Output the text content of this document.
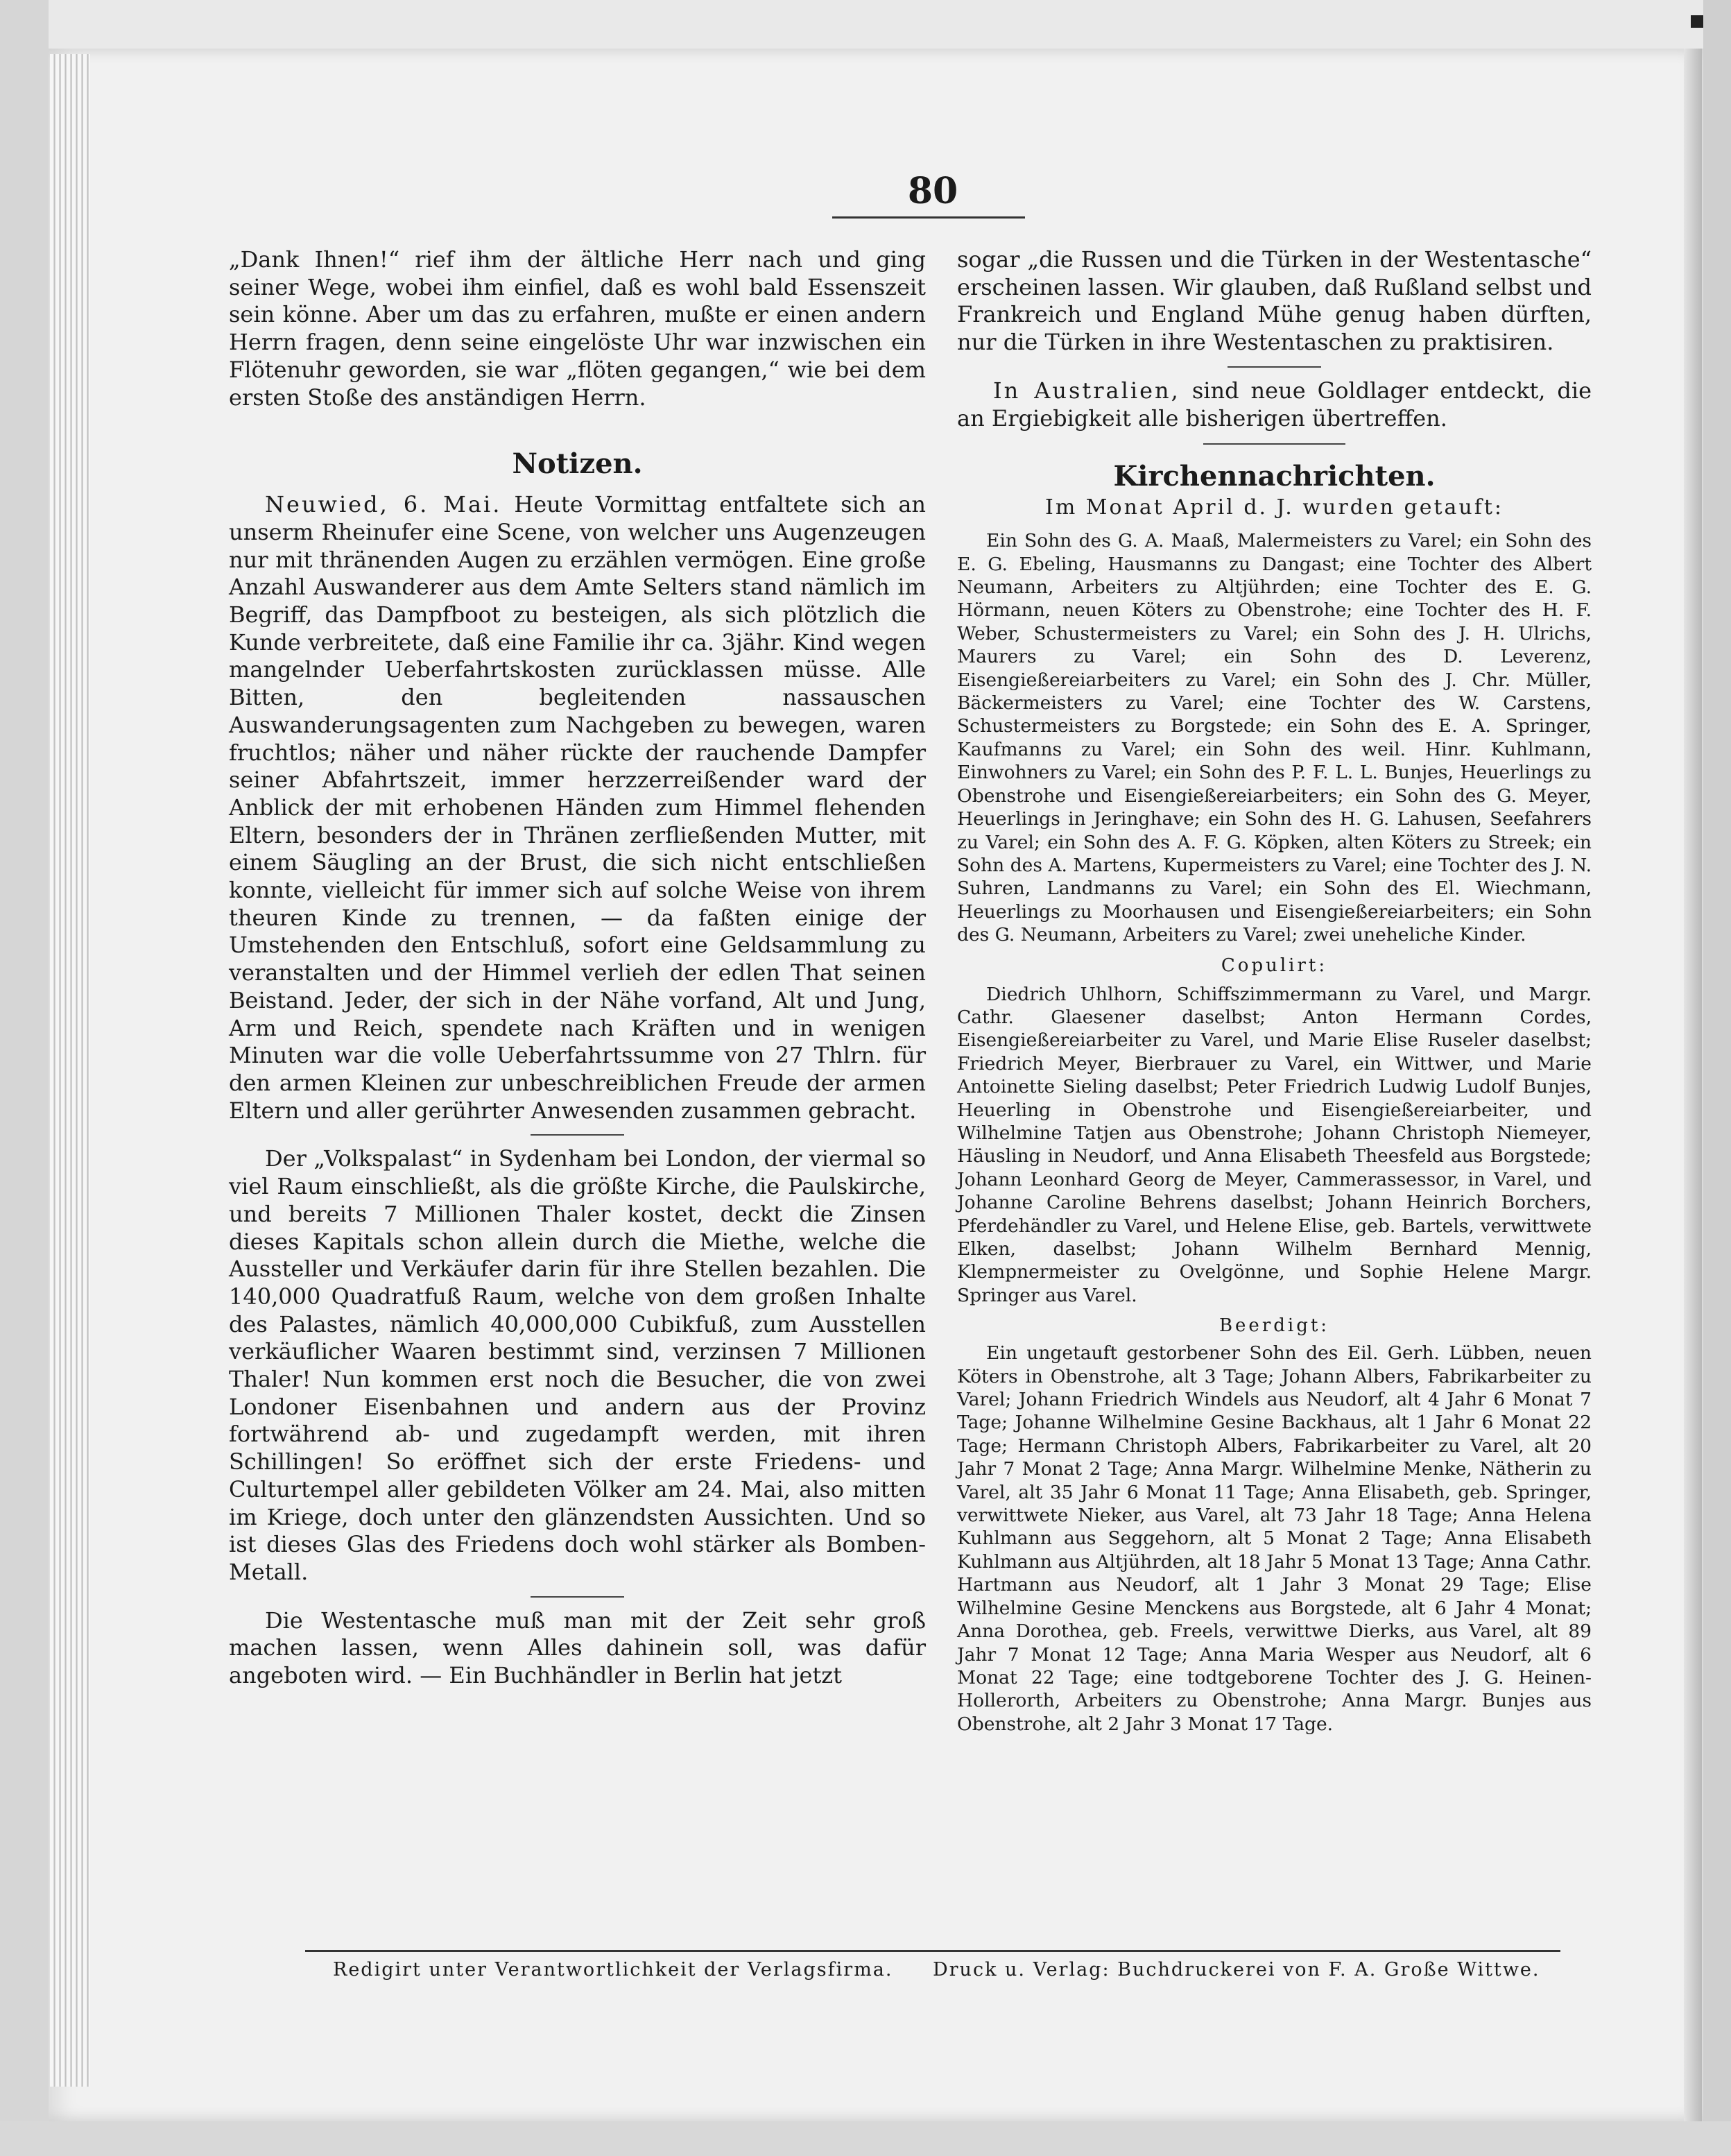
80

„Dank Ihnen!“ rief ihm der ältliche Herr nach und ging seiner Wege, wobei ihm einfiel, daß es wohl bald Essenszeit sein könne. Aber um das zu erfahren, mußte er einen andern Herrn fragen, denn seine eingelöste Uhr war inzwischen ein Flötenuhr geworden, sie war „flöten gegangen,“ wie bei dem ersten Stoße des anständigen Herrn.

Notizen.

Neuwied, 6. Mai. Heute Vormittag entfaltete sich an unserm Rheinufer eine Scene, von welcher uns Augenzeugen nur mit thränenden Augen zu erzählen vermögen. Eine große Anzahl Auswanderer aus dem Amte Selters stand nämlich im Begriff, das Dampfboot zu besteigen, als sich plötzlich die Kunde verbreitete, daß eine Familie ihr ca. 3jähr. Kind wegen mangelnder Ueberfahrtskosten zurücklassen müsse. Alle Bitten, den begleitenden nassauschen Auswanderungsagenten zum Nachgeben zu bewegen, waren fruchtlos; näher und näher rückte der rauchende Dampfer seiner Abfahrtszeit, immer herzzerreißender ward der Anblick der mit erhobenen Händen zum Himmel flehenden Eltern, besonders der in Thränen zerfließenden Mutter, mit einem Säugling an der Brust, die sich nicht entschließen konnte, vielleicht für immer sich auf solche Weise von ihrem theuren Kinde zu trennen, — da faßten einige der Umstehenden den Entschluß, sofort eine Geldsammlung zu veranstalten und der Himmel verlieh der edlen That seinen Beistand. Jeder, der sich in der Nähe vorfand, Alt und Jung, Arm und Reich, spendete nach Kräften und in wenigen Minuten war die volle Ueberfahrtssumme von 27 Thlrn. für den armen Kleinen zur unbeschreiblichen Freude der armen Eltern und aller gerührter Anwesenden zusammen gebracht.

Der „Volkspalast“ in Sydenham bei London, der viermal so viel Raum einschließt, als die größte Kirche, die Paulskirche, und bereits 7 Millionen Thaler kostet, deckt die Zinsen dieses Kapitals schon allein durch die Miethe, welche die Aussteller und Verkäufer darin für ihre Stellen bezahlen. Die 140,000 Quadratfuß Raum, welche von dem großen Inhalte des Palastes, nämlich 40,000,000 Cubikfuß, zum Ausstellen verkäuflicher Waaren bestimmt sind, verzinsen 7 Millionen Thaler! Nun kommen erst noch die Besucher, die von zwei Londoner Eisenbahnen und andern aus der Provinz fortwährend ab- und zugedampft werden, mit ihren Schillingen! So eröffnet sich der erste Friedens- und Culturtempel aller gebildeten Völker am 24. Mai, also mitten im Kriege, doch unter den glänzendsten Aussichten. Und so ist dieses Glas des Friedens doch wohl stärker als Bomben-Metall.

Die Westentasche muß man mit der Zeit sehr groß machen lassen, wenn Alles dahinein soll, was dafür angeboten wird. — Ein Buchhändler in Berlin hat jetzt

sogar „die Russen und die Türken in der Westentasche“ erscheinen lassen. Wir glauben, daß Rußland selbst und Frankreich und England Mühe genug haben dürften, nur die Türken in ihre Westentaschen zu praktisiren.

In Australien, sind neue Goldlager entdeckt, die an Ergiebigkeit alle bisherigen übertreffen.

Kirchennachrichten.

Im Monat April d. J. wurden getauft:

Ein Sohn des G. A. Maaß, Malermeisters zu Varel; ein Sohn des E. G. Ebeling, Hausmanns zu Dangast; eine Tochter des Albert Neumann, Arbeiters zu Altjührden; eine Tochter des E. G. Hörmann, neuen Köters zu Obenstrohe; eine Tochter des H. F. Weber, Schustermeisters zu Varel; ein Sohn des J. H. Ulrichs, Maurers zu Varel; ein Sohn des D. Leverenz, Eisengießereiarbeiters zu Varel; ein Sohn des J. Chr. Müller, Bäckermeisters zu Varel; eine Tochter des W. Carstens, Schustermeisters zu Borgstede; ein Sohn des E. A. Springer, Kaufmanns zu Varel; ein Sohn des weil. Hinr. Kuhlmann, Einwohners zu Varel; ein Sohn des P. F. L. L. Bunjes, Heuerlings zu Obenstrohe und Eisengießereiarbeiters; ein Sohn des G. Meyer, Heuerlings in Jeringhave; ein Sohn des H. G. Lahusen, Seefahrers zu Varel; ein Sohn des A. F. G. Köpken, alten Köters zu Streek; ein Sohn des A. Martens, Kupermeisters zu Varel; eine Tochter des J. N. Suhren, Landmanns zu Varel; ein Sohn des El. Wiechmann, Heuerlings zu Moorhausen und Eisengießereiarbeiters; ein Sohn des G. Neumann, Arbeiters zu Varel; zwei uneheliche Kinder.

Copulirt:

Diedrich Uhlhorn, Schiffszimmermann zu Varel, und Margr. Cathr. Glaesener daselbst; Anton Hermann Cordes, Eisengießereiarbeiter zu Varel, und Marie Elise Ruseler daselbst; Friedrich Meyer, Bierbrauer zu Varel, ein Wittwer, und Marie Antoinette Sieling daselbst; Peter Friedrich Ludwig Ludolf Bunjes, Heuerling in Obenstrohe und Eisengießereiarbeiter, und Wilhelmine Tatjen aus Obenstrohe; Johann Christoph Niemeyer, Häusling in Neudorf, und Anna Elisabeth Theesfeld aus Borgstede; Johann Leonhard Georg de Meyer, Cammerassessor, in Varel, und Johanne Caroline Behrens daselbst; Johann Heinrich Borchers, Pferdehändler zu Varel, und Helene Elise, geb. Bartels, verwittwete Elken, daselbst; Johann Wilhelm Bernhard Mennig, Klempnermeister zu Ovelgönne, und Sophie Helene Margr. Springer aus Varel.

Beerdigt:

Ein ungetauft gestorbener Sohn des Eil. Gerh. Lübben, neuen Köters in Obenstrohe, alt 3 Tage; Johann Albers, Fabrikarbeiter zu Varel; Johann Friedrich Windels aus Neudorf, alt 4 Jahr 6 Monat 7 Tage; Johanne Wilhelmine Gesine Backhaus, alt 1 Jahr 6 Monat 22 Tage; Hermann Christoph Albers, Fabrikarbeiter zu Varel, alt 20 Jahr 7 Monat 2 Tage; Anna Margr. Wilhelmine Menke, Nätherin zu Varel, alt 35 Jahr 6 Monat 11 Tage; Anna Elisabeth, geb. Springer, verwittwete Nieker, aus Varel, alt 73 Jahr 18 Tage; Anna Helena Kuhlmann aus Seggehorn, alt 5 Monat 2 Tage; Anna Elisabeth Kuhlmann aus Altjührden, alt 18 Jahr 5 Monat 13 Tage; Anna Cathr. Hartmann aus Neudorf, alt 1 Jahr 3 Monat 29 Tage; Elise Wilhelmine Gesine Menckens aus Borgstede, alt 6 Jahr 4 Monat; Anna Dorothea, geb. Freels, verwittwe Dierks, aus Varel, alt 89 Jahr 7 Monat 12 Tage; Anna Maria Wesper aus Neudorf, alt 6 Monat 22 Tage; eine todtgeborene Tochter des J. G. Heinen-Hollerorth, Arbeiters zu Obenstrohe; Anna Margr. Bunjes aus Obenstrohe, alt 2 Jahr 3 Monat 17 Tage.

Redigirt unter Verantwortlichkeit der Verlagsfirma. Druck u. Verlag: Buchdruckerei von F. A. Große Wittwe.
